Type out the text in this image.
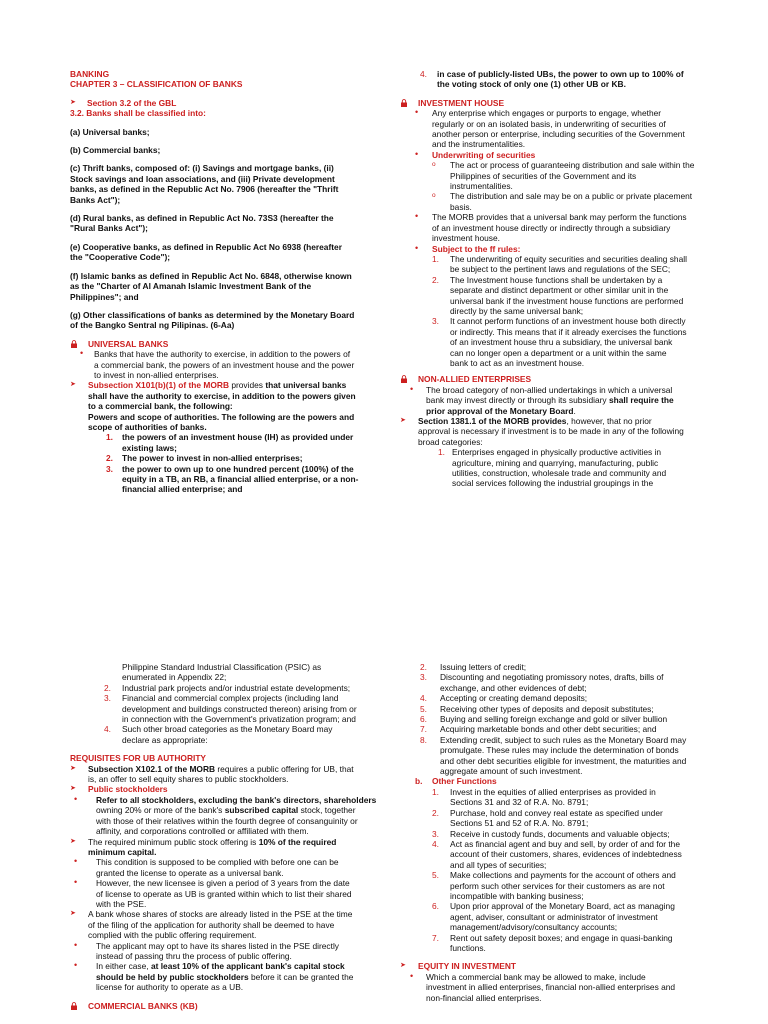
BANKING

CHAPTER 3 – CLASSIFICATION OF BANKS

➤ Section 3.2 of the GBL

3.2. Banks shall be classified into:

(a) Universal banks;

(b) Commercial banks;

(c) Thrift banks, composed of: (i) Savings and mortgage banks, (ii)
Stock savings and loan associations, and (iii) Private development
banks, as defined in the Republic Act No. 7906 (hereafter the "Thrift
Banks Act");
(d) Rural banks, as defined in Republic Act No. 73S3 (hereafter the
"Rural Banks Act");
(e) Cooperative banks, as defined in Republic Act No 6938 (hereafter
the "Cooperative Code");
(f) Islamic banks as defined in Republic Act No. 6848, otherwise known
as the "Charter of Al Amanah Islamic Investment Bank of the
Philippines"; and
(g) Other classifications of banks as determined by the Monetary Board
of the Bangko Sentral ng Pilipinas. (6-Aa)
UNIVERSAL BANKS
• Banks that have the authority to exercise, in addition to the powers of
a commercial bank, the powers of an investment house and the power
to invest in non-allied enterprises.
➤ Subsection X101(b)(1) of the MORB provides that universal banks
shall have the authority to exercise, in addition to the powers given
to a commercial bank, the following:
Powers and scope of authorities. The following are the powers and
scope of authorities of banks.
1. the powers of an investment house (IH) as provided under
existing laws;
2. The power to invest in non-allied enterprises;
3. the power to own up to one hundred percent (100%) of the
equity in a TB, an RB, a financial allied enterprise, or a non-
financial allied enterprise; and
4. in case of publicly-listed UBs, the power to own up to 100% of
the voting stock of only one (1) other UB or KB.
INVESTMENT HOUSE
• Any enterprise which engages or purports to engage, whether
regularly or on an isolated basis, in underwriting of securities of
another person or enterprise, including securities of the Government
and the instrumentalities.
• Underwriting of securities
o The act or process of guaranteeing distribution and sale within the
Philippines of securities of the Government and its
instrumentalities.
o The distribution and sale may be on a public or private placement
basis.
• The MORB provides that a universal bank may perform the functions
of an investment house directly or indirectly through a subsidiary
investment house.
• Subject to the ff rules:
1. The underwriting of equity securities and securities dealing shall
be subject to the pertinent laws and regulations of the SEC;
2. The Investment house functions shall be undertaken by a
separate and distinct department or other similar unit in the
universal bank if the investment house functions are performed
directly by the same universal bank;
3. It cannot perform functions of an investment house both directly
or indirectly. This means that if it already exercises the functions
of an investment house thru a subsidiary, the universal bank
can no longer open a department or a unit within the same
bank to act as an investment house.
NON-ALLIED ENTERPRISES
• The broad category of non-allied undertakings in which a universal
bank may invest directly or through its subsidiary shall require the
prior approval of the Monetary Board.
➤ Section 1381.1 of the MORB provides, however, that no prior
approval is necessary if investment is to be made in any of the following
broad categories:
1. Enterprises engaged in physically productive activities in
agriculture, mining and quarrying, manufacturing, public
utilities, construction, wholesale trade and community and
social services following the industrial groupings in the
Philippine Standard Industrial Classification (PSIC) as
enumerated in Appendix 22;
2. Industrial park projects and/or industrial estate developments;
3. Financial and commercial complex projects (including land
development and buildings constructed thereon) arising from or
in connection with the Government's privatization program; and
4. Such other broad categories as the Monetary Board may
declare as appropriate:

REQUISITES FOR UB AUTHORITY

➤ Subsection X102.1 of the MORB requires a public offering for UB, that
is, an offer to sell equity shares to public stockholders.
➤ Public stockholders
• Refer to all stockholders, excluding the bank's directors, shareholders
owning 20% or more of the bank's subscribed capital stock, together
with those of their relatives within the fourth degree of consanguinity or
affinity, and corporations controlled or affiliated with them.
➤ The required minimum public stock offering is 10% of the required
minimum capital.
• This condition is supposed to be complied with before one can be
granted the license to operate as a universal bank.
• However, the new licensee is given a period of 3 years from the date
of license to operate as UB is granted within which to list their shared
with the PSE.
➤ A bank whose shares of stocks are already listed in the PSE at the time
of the filing of the application for authority shall be deemed to have
complied with the public offering requirement.
• The applicant may opt to have its shares listed in the PSE directly
instead of passing thru the process of public offering.
• In either case, at least 10% of the applicant bank's capital stock
should be held by public stockholders before it can be granted the
license for authority to operate as a UB.
COMMERCIAL BANKS (KB)
2. Issuing letters of credit;
3. Discounting and negotiating promissory notes, drafts, bills of
exchange, and other evidences of debt;
4. Accepting or creating demand deposits;
5. Receiving other types of deposits and deposit substitutes;
6. Buying and selling foreign exchange and gold or silver bullion
7. Acquiring marketable bonds and other debt securities; and
8. Extending credit, subject to such rules as the Monetary Board may
promulgate. These rules may include the determination of bonds
and other debt securities eligible for investment, the maturities and
aggregate amount of such investment.
b. Other Functions
1. Invest in the equities of allied enterprises as provided in
Sections 31 and 32 of R.A. No. 8791;
2. Purchase, hold and convey real estate as specified under
Sections 51 and 52 of R.A. No. 8791;
3. Receive in custody funds, documents and valuable objects;
4. Act as financial agent and buy and sell, by order of and for the
account of their customers, shares, evidences of indebtedness
and all types of securities;
5. Make collections and payments for the account of others and
perform such other services for their customers as are not
incompatible with banking business;
6. Upon prior approval of the Monetary Board, act as managing
agent, adviser, consultant or administrator of investment
management/advisory/consultancy accounts;
7. Rent out safety deposit boxes; and engage in quasi-banking
functions.
➤ EQUITY IN INVESTMENT
• Which a commercial bank may be allowed to make, include
investment in allied enterprises, financial non-allied enterprises and
non-financial allied enterprises.
